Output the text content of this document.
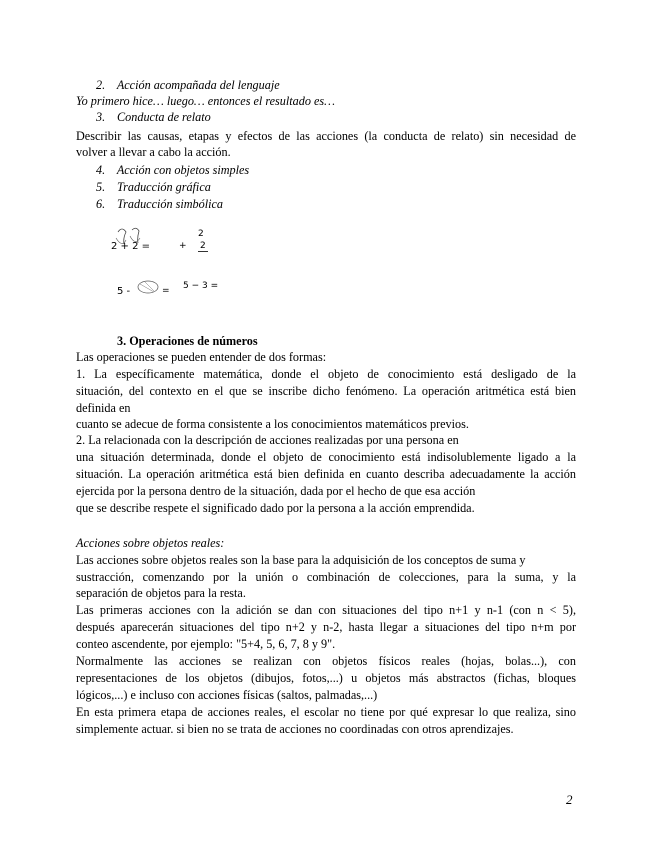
2. Acción acompañada del lenguaje
Yo primero hice… luego… entonces el resultado es…
3. Conducta de relato
Describir las causas, etapas y efectos de las acciones (la conducta de relato) sin necesidad de
volver a llevar a cabo la acción.
4. Acción con objetos simples
5. Traducción gráfica
6. Traducción simbólica
2 + 2 =	+
2
2
5 -	= 5 − 3 =
3. Operaciones de números
Las operaciones se pueden entender de dos formas:
1. La específicamente matemática, donde el objeto de conocimiento está desligado de la
situación, del contexto en el que se inscribe dicho fenómeno. La operación aritmética está bien
definida en
cuanto se adecue de forma consistente a los conocimientos matemáticos previos.
2. La relacionada con la descripción de acciones realizadas por una persona en
una situación determinada, donde el objeto de conocimiento está indisolublemente ligado a la
situación. La operación aritmética está bien definida en cuanto describa adecuadamente la acción
ejercida por la persona dentro de la situación, dada por el hecho de que esa acción
que se describe respete el significado dado por la persona a la acción emprendida.
Acciones sobre objetos reales:
Las acciones sobre objetos reales son la base para la adquisición de los conceptos de suma y
sustracción, comenzando por la unión o combinación de colecciones, para la suma, y la
separación de objetos para la resta.
Las primeras acciones con la adición se dan con situaciones del tipo n+1 y n-1 (con n < 5),
después aparecerán situaciones del tipo n+2 y n-2, hasta llegar a situaciones del tipo n+m por
conteo ascendente, por ejemplo: "5+4, 5, 6, 7, 8 y 9".
Normalmente las acciones se realizan con objetos físicos reales (hojas, bolas...), con
representaciones de los objetos (dibujos, fotos,...) u objetos más abstractos (fichas, bloques
lógicos,...) e incluso con acciones físicas (saltos, palmadas,...)
En esta primera etapa de acciones reales, el escolar no tiene por qué expresar lo que realiza, sino
simplemente actuar. si bien no se trata de acciones no coordinadas con otros aprendizajes.
2
